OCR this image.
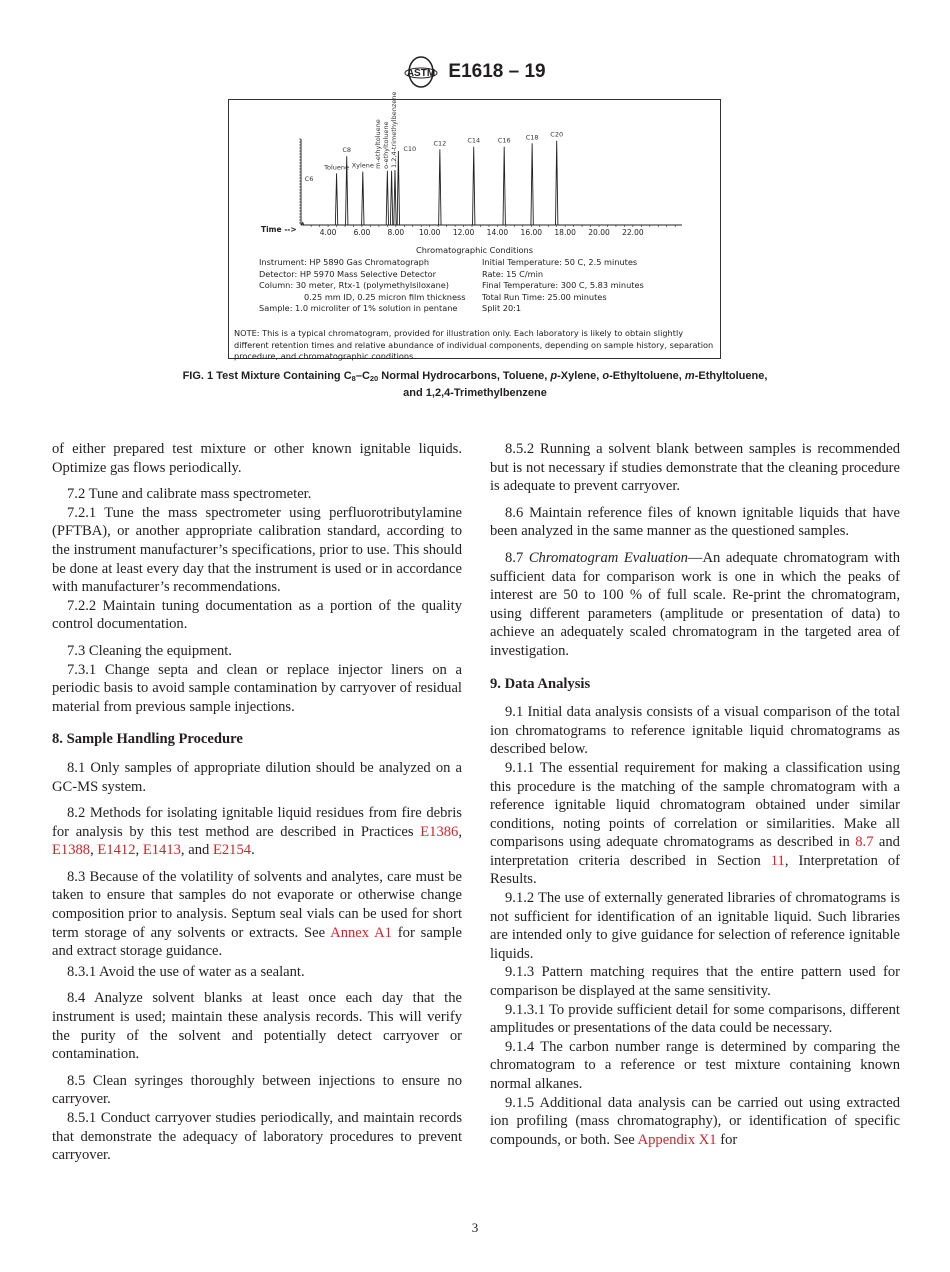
ASTM E1618 – 19
4.00 6.00 8.00 10.00 12.00 14.00 16.00 18.00 20.00 22.00
Time -->
C6
Toluene
C8
Xylene m-ethyltoluene o-ethyltoluene 1,2,4-trimethylbenzene C10
C12	C14	C16 C18 C20
Chromatographic Conditions
Instrument: HP 5890 Gas Chromatograph
Detector: HP 5970 Mass Selective Detector
Column: 30 meter, Rtx-1 (polymethylsiloxane)
0.25 mm ID, 0.25 micron film thickness
Sample: 1.0 microliter of 1% solution in pentane
Initial Temperature: 50 C, 2.5 minutes
Rate: 15 C/min
Final Temperature: 300 C, 5.83 minutes
Total Run Time: 25.00 minutes
Split 20:1
NOTE: This is a typical chromatogram, provided for illustration only. Each laboratory is likely to obtain slightly different retention times and relative abundance of individual components, depending on sample history, separation procedure, and chromatographic conditions.
FIG. 1 Test Mixture Containing $C_8-C_{20}$ Normal Hydrocarbons, Toluene, p-Xylene, o-Ethyltoluene, m-Ethyltoluene,
and 1,2,4-Trimethylbenzene

of either prepared test mixture or other known ignitable liquids. Optimize gas flows periodically.

7.2 Tune and calibrate mass spectrometer.

7.2.1 Tune the mass spectrometer using perfluorotributylamine (PFTBA), or another appropriate calibration standard, according to the instrument manufacturer’s specifications, prior to use. This should be done at least every day that the instrument is used or in accordance with manufacturer’s recommendations.

7.2.2 Maintain tuning documentation as a portion of the quality control documentation.

7.3 Cleaning the equipment.

7.3.1 Change septa and clean or replace injector liners on a periodic basis to avoid sample contamination by carryover of residual material from previous sample injections.

8. Sample Handling Procedure

8.1 Only samples of appropriate dilution should be analyzed on a GC-MS system.

8.2 Methods for isolating ignitable liquid residues from fire debris for analysis by this test method are described in Practices E1386, E1388, E1412, E1413, and E2154.

8.3 Because of the volatility of solvents and analytes, care must be taken to ensure that samples do not evaporate or otherwise change composition prior to analysis. Septum seal vials can be used for short term storage of any solvents or extracts. See Annex A1 for sample and extract storage guidance.

8.3.1 Avoid the use of water as a sealant.

8.4 Analyze solvent blanks at least once each day that the instrument is used; maintain these analysis records. This will verify the purity of the solvent and potentially detect carryover or contamination.

8.5 Clean syringes thoroughly between injections to ensure no carryover.

8.5.1 Conduct carryover studies periodically, and maintain records that demonstrate the adequacy of laboratory procedures to prevent carryover.

8.5.2 Running a solvent blank between samples is recommended but is not necessary if studies demonstrate that the cleaning procedure is adequate to prevent carryover.

8.6 Maintain reference files of known ignitable liquids that have been analyzed in the same manner as the questioned samples.

8.7 Chromatogram Evaluation—An adequate chromatogram with sufficient data for comparison work is one in which the peaks of interest are 50 to 100 % of full scale. Re-print the chromatogram, using different parameters (amplitude or presentation of data) to achieve an adequately scaled chromatogram in the targeted area of investigation.

9. Data Analysis

9.1 Initial data analysis consists of a visual comparison of the total ion chromatograms to reference ignitable liquid chromatograms as described below.

9.1.1 The essential requirement for making a classification using this procedure is the matching of the sample chromatogram with a reference ignitable liquid chromatogram obtained under similar conditions, noting points of correlation or similarities. Make all comparisons using adequate chromatograms as described in 8.7 and interpretation criteria described in Section 11, Interpretation of Results.

9.1.2 The use of externally generated libraries of chromatograms is not sufficient for identification of an ignitable liquid. Such libraries are intended only to give guidance for selection of reference ignitable liquids.

9.1.3 Pattern matching requires that the entire pattern used for comparison be displayed at the same sensitivity.

9.1.3.1 To provide sufficient detail for some comparisons, different amplitudes or presentations of the data could be necessary.

9.1.4 The carbon number range is determined by comparing the chromatogram to a reference or test mixture containing known normal alkanes.

9.1.5 Additional data analysis can be carried out using extracted ion profiling (mass chromatography), or identification of specific compounds, or both. See Appendix X1 for

3
